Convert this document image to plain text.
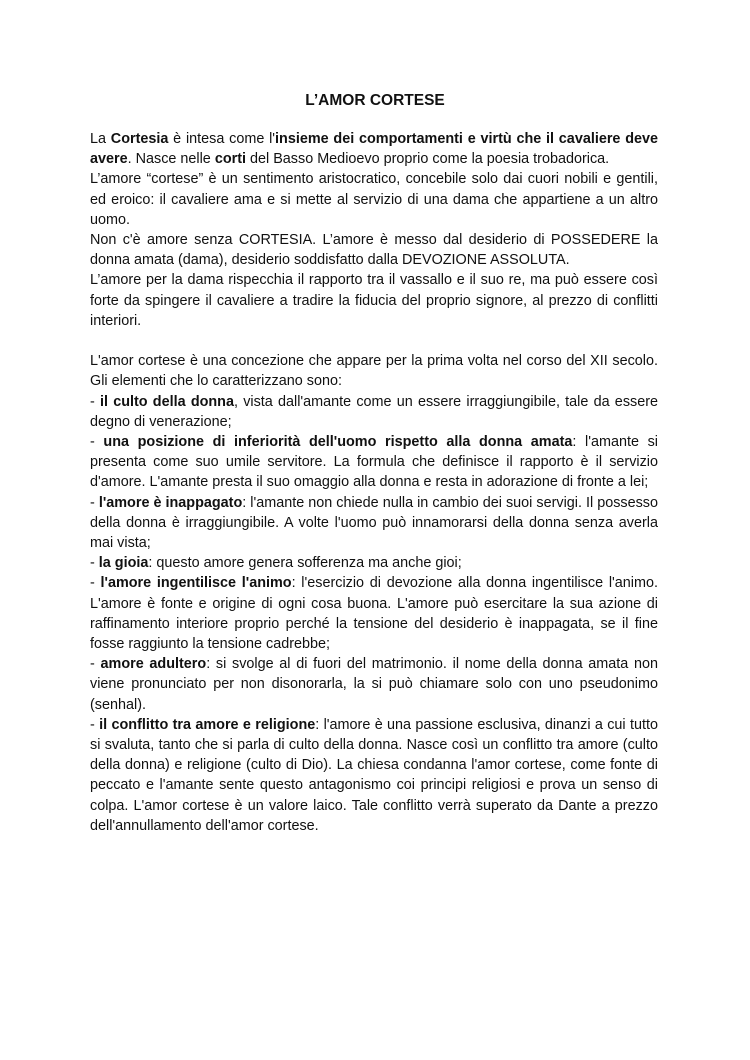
L’AMOR CORTESE

La Cortesia è intesa come l'insieme dei comportamenti e virtù che il cavaliere deve avere. Nasce nelle corti del Basso Medioevo proprio come la poesia trobadorica.

L’amore “cortese” è un sentimento aristocratico, concebile solo dai cuori nobili e gentili, ed eroico: il cavaliere ama e si mette al servizio di una dama che appartiene a un altro uomo.

Non c'è amore senza CORTESIA. L’amore è messo dal desiderio di POSSEDERE la donna amata (dama), desiderio soddisfatto dalla DEVOZIONE ASSOLUTA.

L’amore per la dama rispecchia il rapporto tra il vassallo e il suo re, ma può essere così forte da spingere il cavaliere a tradire la fiducia del proprio signore, al prezzo di conflitti interiori.

L'amor cortese è una concezione che appare per la prima volta nel corso del XII secolo. Gli elementi che lo caratterizzano sono:

- il culto della donna, vista dall'amante come un essere irraggiungibile, tale da essere degno di venerazione;

- una posizione di inferiorità dell'uomo rispetto alla donna amata: l'amante si presenta come suo umile servitore. La formula che definisce il rapporto è il servizio d'amore. L'amante presta il suo omaggio alla donna e resta in adorazione di fronte a lei;

- l'amore è inappagato: l'amante non chiede nulla in cambio dei suoi servigi. Il possesso della donna è irraggiungibile. A volte l'uomo può innamorarsi della donna senza averla mai vista;

- la gioia: questo amore genera sofferenza ma anche gioi;

- l'amore ingentilisce l'animo: l'esercizio di devozione alla donna ingentilisce l'animo. L'amore è fonte e origine di ogni cosa buona. L'amore può esercitare la sua azione di raffinamento interiore proprio perché la tensione del desiderio è inappagata, se il fine fosse raggiunto la tensione cadrebbe;

- amore adultero: si svolge al di fuori del matrimonio. il nome della donna amata non viene pronunciato per non disonorarla, la si può chiamare solo con uno pseudonimo (senhal).

- il conflitto tra amore e religione: l'amore è una passione esclusiva, dinanzi a cui tutto si svaluta, tanto che si parla di culto della donna. Nasce così un conflitto tra amore (culto della donna) e religione (culto di Dio). La chiesa condanna l'amor cortese, come fonte di peccato e l'amante sente questo antagonismo coi principi religiosi e prova un senso di colpa. L'amor cortese è un valore laico. Tale conflitto verrà superato da Dante a prezzo dell'annullamento dell'amor cortese.
